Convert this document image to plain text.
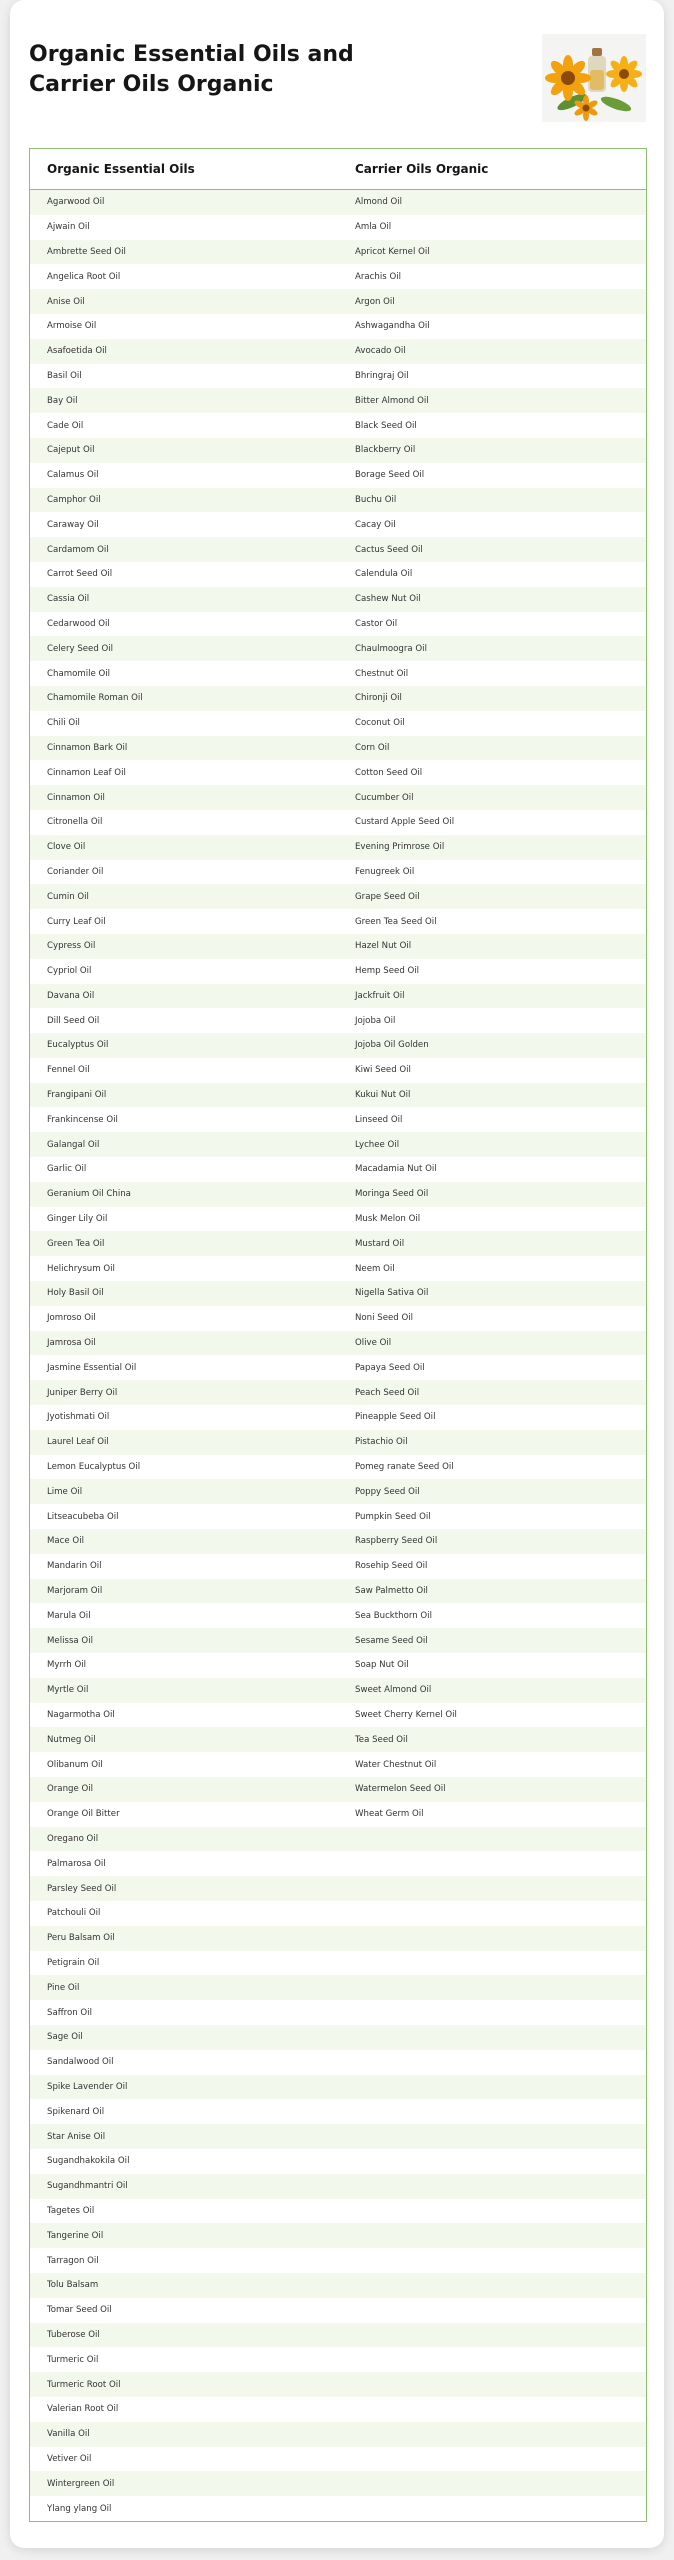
Organic Essential Oils and Carrier Oils Organic
Organic Essential Oils	Carrier Oils Organic
Agarwood Oil	Almond Oil
Ajwain Oil	Amla Oil
Ambrette Seed Oil	Apricot Kernel Oil
Angelica Root Oil	Arachis Oil
Anise Oil	Argon Oil
Armoise Oil	Ashwagandha Oil
Asafoetida Oil	Avocado Oil
Basil Oil	Bhringraj Oil
Bay Oil	Bitter Almond Oil
Cade Oil	Black Seed Oil
Cajeput Oil	Blackberry Oil
Calamus Oil	Borage Seed Oil
Camphor Oil	Buchu Oil
Caraway Oil	Cacay Oil
Cardamom Oil	Cactus Seed Oil
Carrot Seed Oil	Calendula Oil
Cassia Oil	Cashew Nut Oil
Cedarwood Oil	Castor Oil
Celery Seed Oil	Chaulmoogra Oil
Chamomile Oil	Chestnut Oil
Chamomile Roman Oil	Chironji Oil
Chili Oil	Coconut Oil
Cinnamon Bark Oil	Corn Oil
Cinnamon Leaf Oil	Cotton Seed Oil
Cinnamon Oil	Cucumber Oil
Citronella Oil	Custard Apple Seed Oil
Clove Oil	Evening Primrose Oil
Coriander Oil	Fenugreek Oil
Cumin Oil	Grape Seed Oil
Curry Leaf Oil	Green Tea Seed Oil
Cypress Oil	Hazel Nut Oil
Cypriol Oil	Hemp Seed Oil
Davana Oil	Jackfruit Oil
Dill Seed Oil	Jojoba Oil
Eucalyptus Oil	Jojoba Oil Golden
Fennel Oil	Kiwi Seed Oil
Frangipani Oil	Kukui Nut Oil
Frankincense Oil	Linseed Oil
Galangal Oil	Lychee Oil
Garlic Oil	Macadamia Nut Oil
Geranium Oil China	Moringa Seed Oil
Ginger Lily Oil	Musk Melon Oil
Green Tea Oil	Mustard Oil
Helichrysum Oil	Neem Oil
Holy Basil Oil	Nigella Sativa Oil
Jomroso Oil	Noni Seed Oil
Jamrosa Oil	Olive Oil
Jasmine Essential Oil	Papaya Seed Oil
Juniper Berry Oil	Peach Seed Oil
Jyotishmati Oil	Pineapple Seed Oil
Laurel Leaf Oil	Pistachio Oil
Lemon Eucalyptus Oil	Pomeg ranate Seed Oil
Lime Oil	Poppy Seed Oil
Litseacubeba Oil	Pumpkin Seed Oil
Mace Oil	Raspberry Seed Oil
Mandarin Oil	Rosehip Seed Oil
Marjoram Oil	Saw Palmetto Oil
Marula Oil	Sea Buckthorn Oil
Melissa Oil	Sesame Seed Oil
Myrrh Oil	Soap Nut Oil
Myrtle Oil	Sweet Almond Oil
Nagarmotha Oil	Sweet Cherry Kernel Oil
Nutmeg Oil	Tea Seed Oil
Olibanum Oil	Water Chestnut Oil
Orange Oil	Watermelon Seed Oil
Orange Oil Bitter	Wheat Germ Oil
Oregano Oil	
Palmarosa Oil	
Parsley Seed Oil	
Patchouli Oil	
Peru Balsam Oil	
Petigrain Oil	
Pine Oil	
Saffron Oil	
Sage Oil	
Sandalwood Oil	
Spike Lavender Oil	
Spikenard Oil	
Star Anise Oil	
Sugandhakokila Oil	
Sugandhmantri Oil	
Tagetes Oil	
Tangerine Oil	
Tarragon Oil	
Tolu Balsam	
Tomar Seed Oil	
Tuberose Oil	
Turmeric Oil	
Turmeric Root Oil	
Valerian Root Oil	
Vanilla Oil	
Vetiver Oil	
Wintergreen Oil	
Ylang ylang Oil	
